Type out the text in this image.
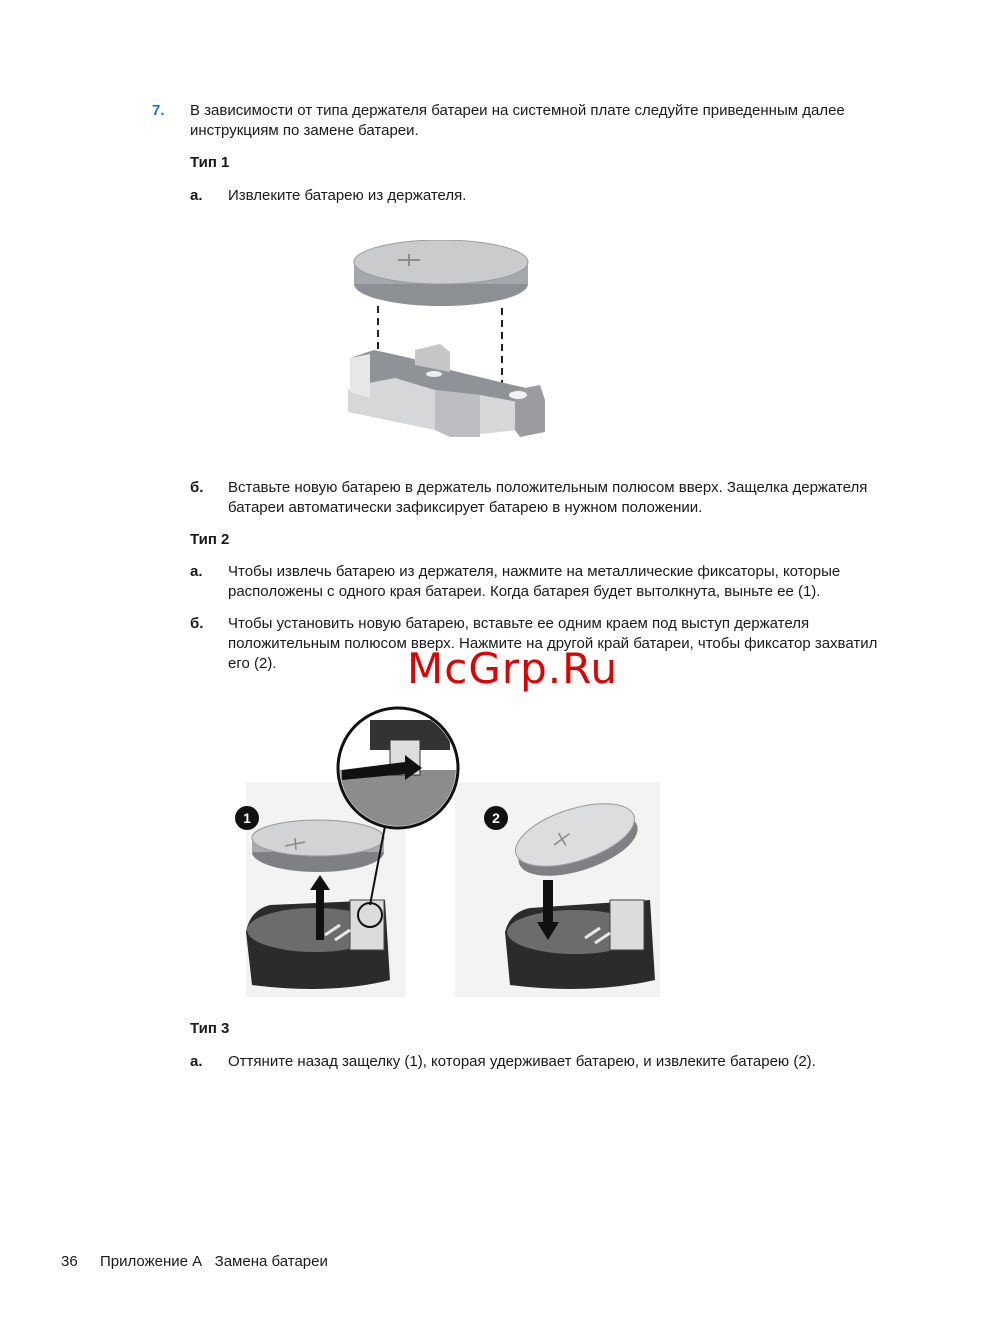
7. В зависимости от типа держателя батареи на системной плате следуйте приведенным далее
инструкциям по замене батареи.
Тип 1
а. Извлеките батарею из держателя.
б. Вставьте новую батарею в держатель положительным полюсом вверх. Защелка держателя
батареи автоматически зафиксирует батарею в нужном положении.
Тип 2
а. Чтобы извлечь батарею из держателя, нажмите на металлические фиксаторы, которые
расположены с одного края батареи. Когда батарея будет вытолкнута, выньте ее (1).
б. Чтобы установить новую батарею, вставьте ее одним краем под выступ держателя
положительным полюсом вверх. Нажмите на другой край батареи, чтобы фиксатор захватил
его (2).	McGrp.Ru
1	2
Тип 3
а. Оттяните назад защелку (1), которая удерживает батарею, и извлеките батарею (2).
36 Приложение А   Замена батареи
